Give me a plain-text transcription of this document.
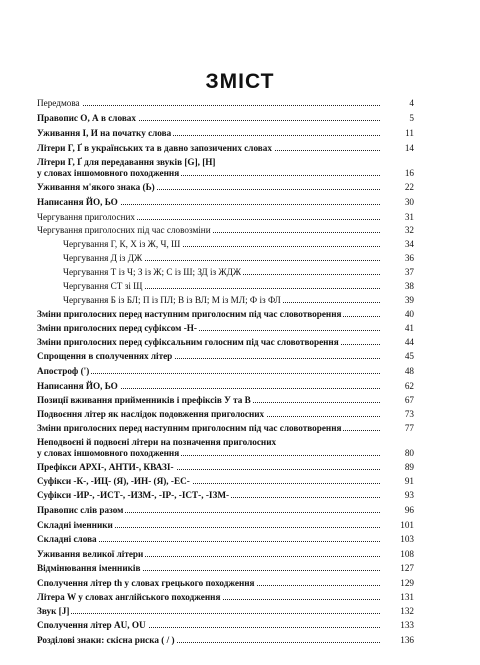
ЗМІСТ
Передмова	4
Правопис О, А в словах	5
Уживання І, И на початку слова	11
Літери Г, Ґ в українських та в давно запозичених словах	14
Літери Г, Ґ для передавання звуків [G], [H]
у словах іншомовного походження	16
Уживання м'якого знака (Ь)	22
Написання ЙО, ЬО	30
Чергування приголосних	31
Чергування приголосних під час словозміни	32
Чергування Г, К, Х із Ж, Ч, Ш	34
Чергування Д із ДЖ	36
Чергування Т із Ч; З із Ж; С із Ш; ЗД із ЖДЖ	37
Чергування СТ зі Щ	38
Чергування Б із БЛ; П із ПЛ; В із ВЛ; М із МЛ; Ф із ФЛ	39
Зміни приголосних перед наступним приголосним під час словотворення	40
Зміни приголосних перед суфіксом -Н-	41
Зміни приголосних перед суфіксальним голосним під час словотворення	44
Спрощення в сполученнях літер	45
Апостроф (')	48
Написання ЙО, ЬО	62
Позиції вживання прийменників і префіксів У та В	67
Подвоєння літер як наслідок подовження приголосних	73
Зміни приголосних перед наступним приголосним під час словотворення	77
Неподвоєні й подвоєні літери на позначення приголосних
у словах іншомовного походження	80
Префікси АРХІ-, АНТИ-, КВАЗІ-	89
Суфікси -К-, -ИЦ- (Я), -ИН- (Я), -ЕС-	91
Суфікси -ИР-, -ИСТ-, -ИЗМ-, -ІР-, -ІСТ-, -ІЗМ-	93
Правопис слів разом	96
Складні іменники	101
Складні слова	103
Уживання великої літери	108
Відмінювання іменників	127
Сполучення літер th у словах грецького походження	129
Літера W у словах англійського походження	131
Звук [J]	132
Сполучення літер AU, OU	133
Розділові знаки: скісна риска ( / )	136
